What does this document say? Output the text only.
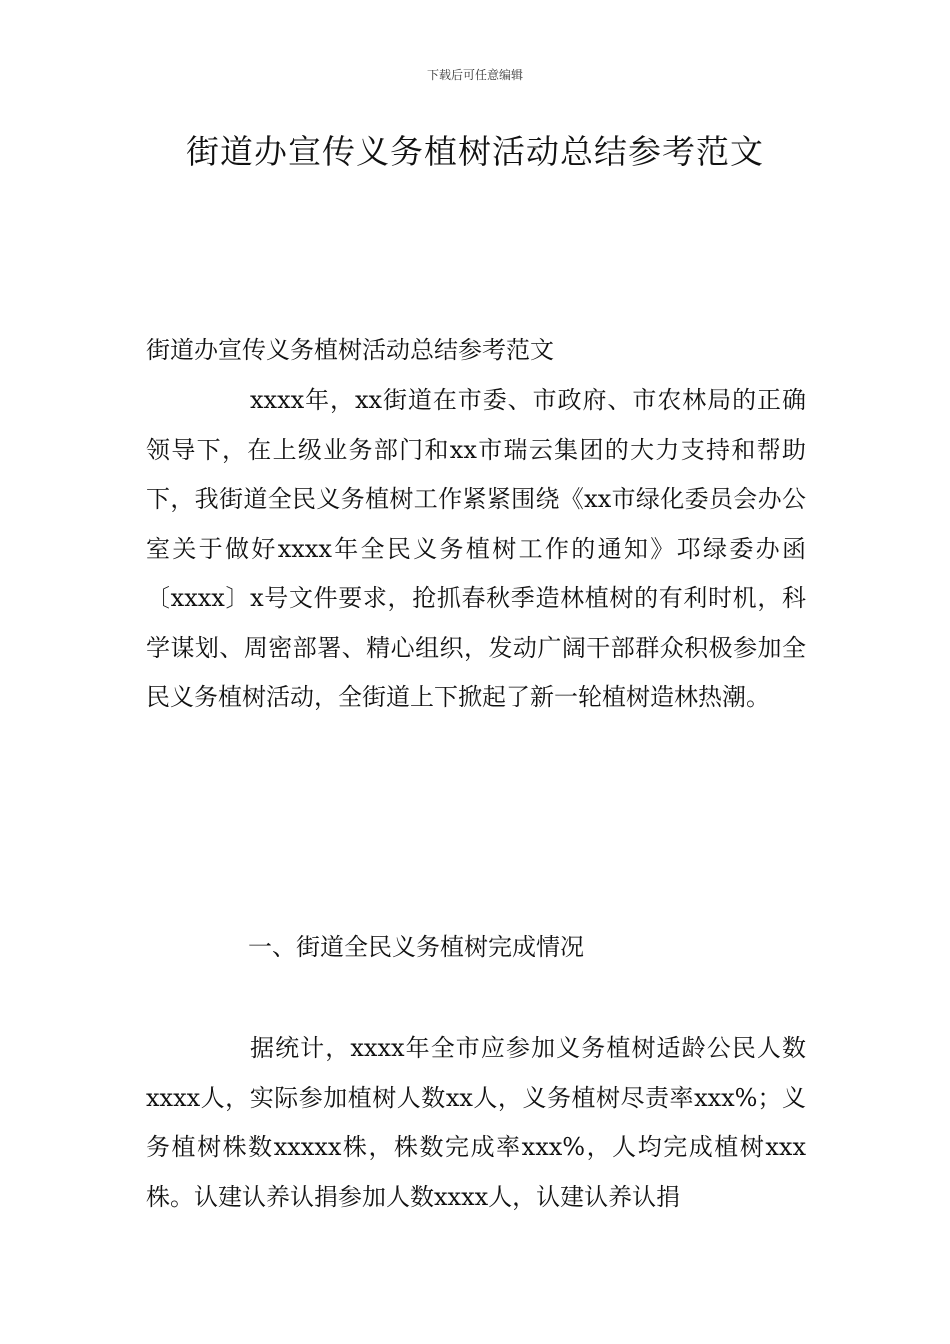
下载后可任意编辑
街道办宣传义务植树活动总结参考范文

街道办宣传义务植树活动总结参考范文

xxxx年，xx街道在市委、市政府、市农林局的正确领导下，在上级业务部门和xx市瑞云集团的大力支持和帮助下，我街道全民义务植树工作紧紧围绕《xx市绿化委员会办公室关于做好xxxx年全民义务植树工作的通知》邛绿委办函〔xxxx〕x号文件要求，抢抓春秋季造林植树的有利时机，科学谋划、周密部署、精心组织，发动广阔干部群众积极参加全民义务植树活动，全街道上下掀起了新一轮植树造林热潮。

一、街道全民义务植树完成情况

据统计，xxxx年全市应参加义务植树适龄公民人数xxxx人，实际参加植树人数xx人，义务植树尽责率xxx%；义务植树株数xxxxx株，株数完成率xxx%，人均完成植树xxx株。认建认养认捐参加人数xxxx人，认建认养认捐
